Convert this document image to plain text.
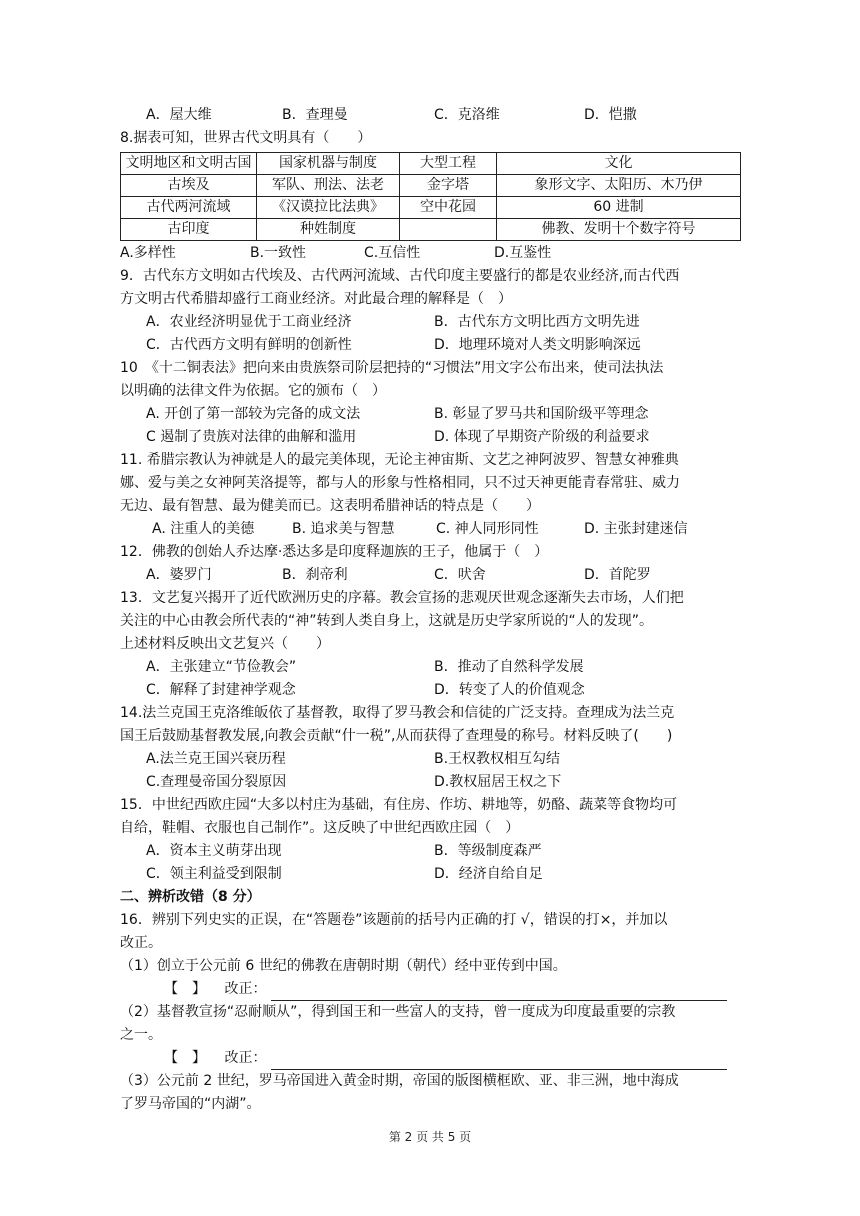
A．屋大维	B．查理曼	C．克洛维	D．恺撒
8.据表可知，世界古代文明具有（　　）
文明地区和文明古国	国家机器与制度	大型工程	文化
古埃及	军队、刑法、法老	金字塔	象形文字、太阳历、木乃伊
古代两河流域	《汉谟拉比法典》	空中花园	60 进制
古印度	种姓制度		佛教、发明十个数字符号
A.多样性	B.一致性	C.互信性	D.互鉴性
9．古代东方文明如古代埃及、古代两河流域、古代印度主要盛行的都是农业经济,而古代西
方文明古代希腊却盛行工商业经济。对此最合理的解释是（　）
A．农业经济明显优于工商业经济	B．古代东方文明比西方文明先进
C．古代西方文明有鲜明的创新性	D．地理环境对人类文明影响深远
10　《十二铜表法》把向来由贵族祭司阶层把持的“习惯法”用文字公布出来，使司法执法
以明确的法律文件为依据。它的颁布（　）
A. 开创了第一部较为完备的成文法	B. 彰显了罗马共和国阶级平等理念
C 遏制了贵族对法律的曲解和滥用	D. 体现了早期资产阶级的利益要求
11. 希腊宗教认为神就是人的最完美体现，无论主神宙斯、文艺之神阿波罗、智慧女神雅典
娜、爱与美之女神阿芙洛提等，都与人的形象与性格相同，只不过天神更能青春常驻、威力
无边、最有智慧、最为健美而已。这表明希腊神话的特点是（　　）
A. 注重人的美德	B. 追求美与智慧	C. 神人同形同性	D. 主张封建迷信
12．佛教的创始人乔达摩·悉达多是印度释迦族的王子，他属于（　）
A．婆罗门	B．刹帝利	C．吠舍	D．首陀罗
13．文艺复兴揭开了近代欧洲历史的序幕。教会宣扬的悲观厌世观念逐渐失去市场，人们把
关注的中心由教会所代表的“神”转到人类自身上，这就是历史学家所说的“人的发现”。
上述材料反映出文艺复兴（　　）
A．主张建立“节俭教会”	B．推动了自然科学发展
C．解释了封建神学观念	D．转变了人的价值观念
14.法兰克国王克洛维皈依了基督教，取得了罗马教会和信徒的广泛支持。查理成为法兰克
国王后鼓励基督教发展,向教会贡献“什一税”,从而获得了查理曼的称号。材料反映了(　　)
A.法兰克王国兴衰历程	B.王权教权相互勾结
C.查理曼帝国分裂原因	D.教权屈居王权之下
15．中世纪西欧庄园“大多以村庄为基础，有住房、作坊、耕地等，奶酪、蔬菜等食物均可
自给，鞋帽、衣服也自己制作”。这反映了中世纪西欧庄园（　）
A．资本主义萌芽出现	B．等级制度森严
C．领主利益受到限制	D．经济自给自足
二、辨析改错（8 分）
16．辨别下列史实的正误，在“答题卷”该题前的括号内正确的打 √，错误的打×，并加以
改正。
（1）创立于公元前 6 世纪的佛教在唐朝时期（朝代）经中亚传到中国。
【　】 改正：
（2）基督教宣扬“忍耐顺从”，得到国王和一些富人的支持，曾一度成为印度最重要的宗教
之一。
【　】 改正：
（3）公元前 2 世纪，罗马帝国进入黄金时期，帝国的版图横框欧、亚、非三洲，地中海成
了罗马帝国的“内湖”。
第 2 页 共 5 页
